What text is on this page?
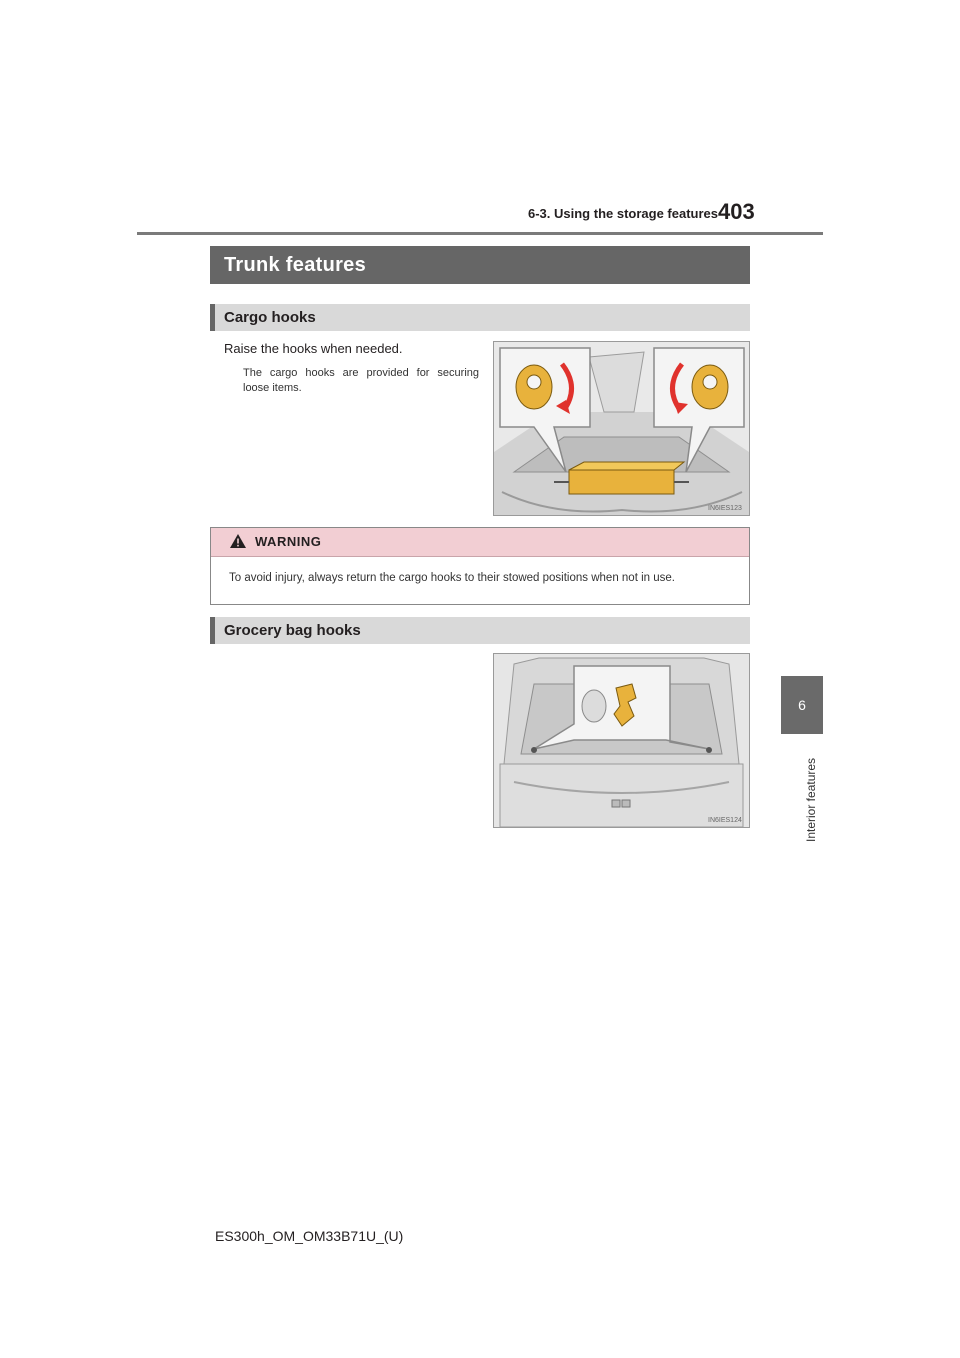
6-3. Using the storage features 403
6
Interior features
Trunk features
Cargo hooks
Raise the hooks when needed.
The cargo hooks are provided for securing loose items.
IN6IES123
WARNING
To avoid injury, always return the cargo hooks to their stowed positions when not in use.
Grocery bag hooks
IN6IES124
ES300h_OM_OM33B71U_(U)
